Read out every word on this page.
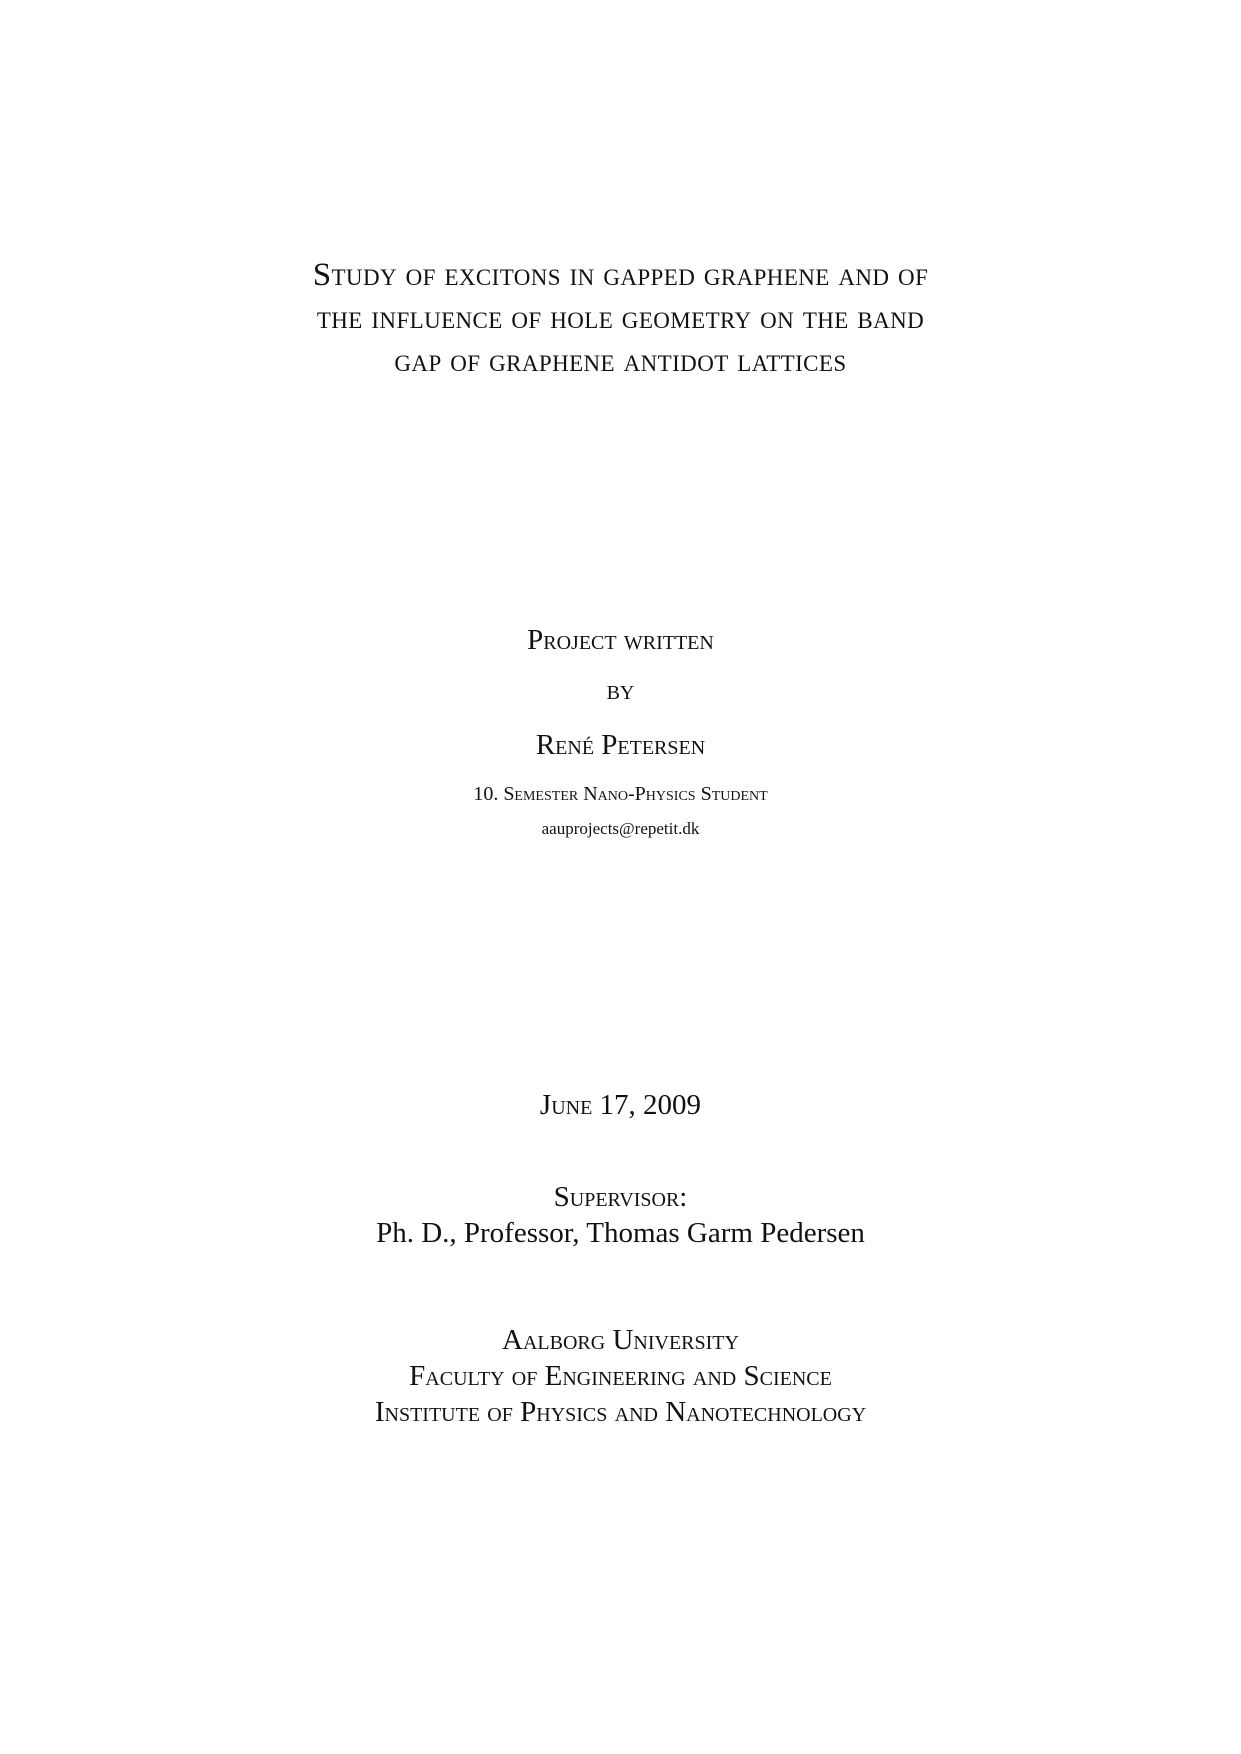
Study of excitons in gapped graphene and of
the influence of hole geometry on the band
gap of graphene antidot lattices
Project written
by
René Petersen
10. Semester Nano-Physics Student
aauprojects@repetit.dk
June 17, 2009
Supervisor:
Ph. D., Professor, Thomas Garm Pedersen
Aalborg University
Faculty of Engineering and Science
Institute of Physics and Nanotechnology
